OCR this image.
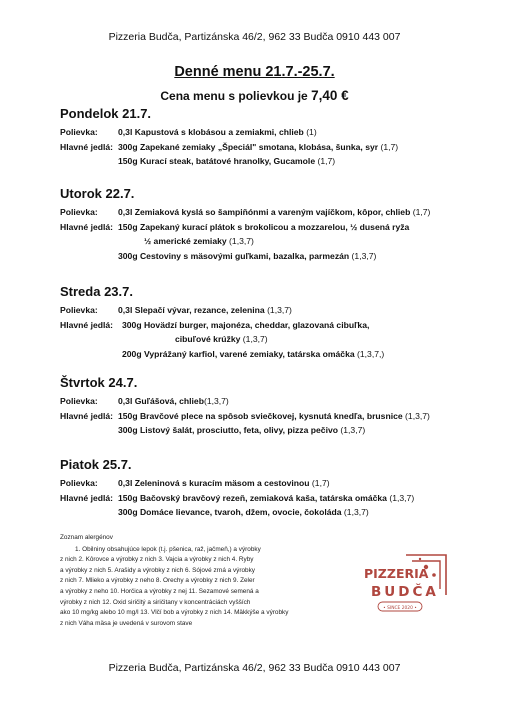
Pizzeria Budča, Partizánska 46/2, 962 33 Budča 0910 443 007
Denné menu 21.7.-25.7.
Cena menu s polievkou je 7,40 €
Pondelok 21.7.
Polievka: 0,3l Kapustová s klobásou a zemiakmi, chlieb (1)
Hlavné jedlá: 300g Zapekané zemiaky „Špeciál" smotana, klobása, šunka, syr (1,7)
150g Kurací steak, batátové hranolky, Gucamole (1,7)
Utorok 22.7.
Polievka: 0,3l Zemiaková kyslá so šampiňónmi a vareným vajíčkom, kôpor, chlieb (1,7)
Hlavné jedlá: 150g Zapekaný kurací plátok s brokolicou a mozzarelou, ½ dusená ryža
½ americké zemiaky (1,3,7)
300g Cestoviny s mäsovými guľkami, bazalka, parmezán (1,3,7)
Streda 23.7.
Polievka: 0,3l Slepačí vývar, rezance, zelenina (1,3,7)
Hlavné jedlá: 300g Hovädzí burger, majonéza, cheddar, glazovaná cibuľka,
cibuľové krúžky (1,3,7)
200g Vyprážaný karfiol, varené zemiaky, tatárska omáčka (1,3,7,)
Štvrtok 24.7.
Polievka: 0,3l Guľášová, chlieb(1,3,7)
Hlavné jedlá: 150g Bravčové plece na spôsob sviečkovej, kysnutá knedľa, brusnice (1,3,7)
300g Listový šalát, prosciutto, feta, olivy, pizza pečivo (1,3,7)
Piatok 25.7.
Polievka: 0,3l Zeleninová s kuracím mäsom a cestovinou (1,7)
Hlavné jedlá: 150g Bačovský bravčový rezeň, zemiaková kaša, tatárska omáčka (1,3,7)
300g Domáce lievance, tvaroh, džem, ovocie, čokoláda (1,3,7)
Zoznam alergénov
1. Obilniny obsahujúce lepok (t.j. pšenica, raž, jačmeň,) a výrobky
z nich 2. Kôrovce a výrobky z nich 3. Vajcia a výrobky z nich 4. Ryby
a výrobky z nich 5. Arašidy a výrobky z nich 6. Sójové zrná a výrobky
z nich 7. Mlieko a výrobky z neho 8. Orechy a výrobky z nich 9. Zeler
a výrobky z neho 10. Horčica a výrobky z nej 11. Sezamové semená a
výrobky z nich 12. Oxid siričitý a siričitany v koncentráciách vyšších
ako 10 mg/kg alebo 10 mg/l 13. Vlčí bob a výrobky z nich 14. Mäkkýše a výrobky
z nich Váha mäsa je uvedená v surovom stave
PIZZERIA
BUDČA
• SINCE 2020 •
Pizzeria Budča, Partizánska 46/2, 962 33 Budča 0910 443 007
